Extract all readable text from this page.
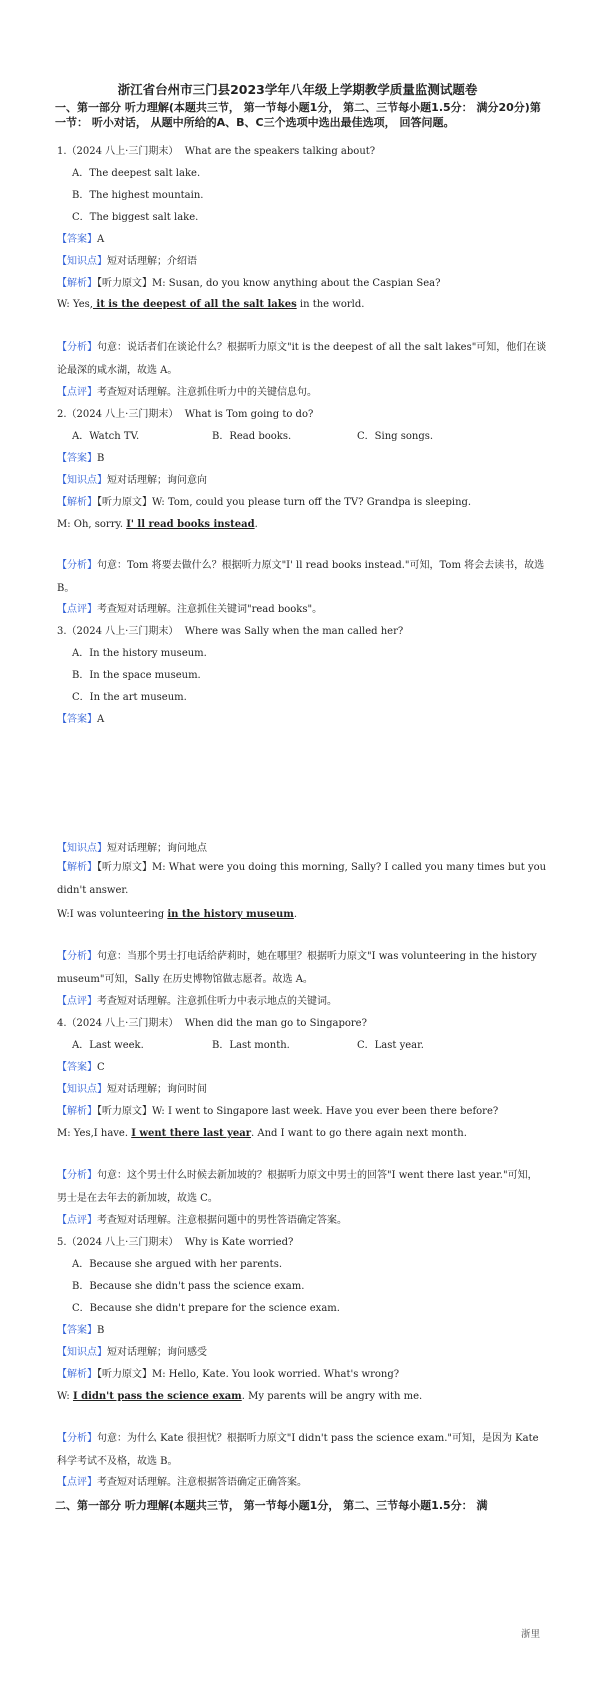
浙江省台州市三门县2023学年八年级上学期教学质量监测试题卷
一、第一部分 听力理解(本题共三节， 第一节每小题1分， 第二、三节每小题1.5分： 满分20分)第一节： 听小对话， 从题中所给的A、B、C三个选项中选出最佳选项， 回答问题。
1.（2024 八上·三门期末） What are the speakers talking about?
A．The deepest salt lake.
B．The highest mountain.
C．The biggest salt lake.
【答案】A
【知识点】短对话理解；介绍语
【解析】【听力原文】M: Susan, do you know anything about the Caspian Sea?
W: Yes, it is the deepest of all the salt lakes in the world.
【分析】句意：说话者们在谈论什么？根据听力原文"it is the deepest of all the salt lakes"可知，他们在谈论最深的咸水湖，故选 A。
【点评】考查短对话理解。注意抓住听力中的关键信息句。
2.（2024 八上·三门期末） What is Tom going to do?
A．Watch TV.	B．Read books.	C．Sing songs.
【答案】B
【知识点】短对话理解；询问意向
【解析】【听力原文】W: Tom, could you please turn off the TV? Grandpa is sleeping.
M: Oh, sorry. I' ll read books instead.
【分析】句意：Tom 将要去做什么？根据听力原文"I' ll read books instead."可知，Tom 将会去读书，故选 B。
【点评】考查短对话理解。注意抓住关键词"read books"。
3.（2024 八上·三门期末） Where was Sally when the man called her?
A．In the history museum.
B．In the space museum.
C．In the art museum.
【答案】A
【知识点】短对话理解；询问地点
【解析】【听力原文】M: What were you doing this morning, Sally? I called you many times but you didn't answer.
W:I was volunteering in the history museum.
【分析】句意：当那个男士打电话给萨莉时，她在哪里？根据听力原文"I was volunteering in the history museum"可知，Sally 在历史博物馆做志愿者。故选 A。
【点评】考查短对话理解。注意抓住听力中表示地点的关键词。
4.（2024 八上·三门期末） When did the man go to Singapore?
A．Last week.	B．Last month.	C．Last year.
【答案】C
【知识点】短对话理解；询问时间
【解析】【听力原文】W: I went to Singapore last week. Have you ever been there before?
M: Yes,I have. I went there last year. And I want to go there again next month.
【分析】句意：这个男士什么时候去新加坡的？根据听力原文中男士的回答"I went there last year."可知，男士是在去年去的新加坡，故选 C。
【点评】考查短对话理解。注意根据问题中的男性答语确定答案。
5.（2024 八上·三门期末） Why is Kate worried?
A．Because she argued with her parents.
B．Because she didn't pass the science exam.
C．Because she didn't prepare for the science exam.
【答案】B
【知识点】短对话理解；询问感受
【解析】【听力原文】M: Hello, Kate. You look worried. What's wrong?
W: I didn't pass the science exam. My parents will be angry with me.
【分析】句意：为什么 Kate 很担忧？根据听力原文"I didn't pass the science exam."可知，是因为 Kate 科学考试不及格，故选 B。
【点评】考查短对话理解。注意根据答语确定正确答案。
二、第一部分 听力理解(本题共三节， 第一节每小题1分， 第二、三节每小题1.5分： 满
浙里
